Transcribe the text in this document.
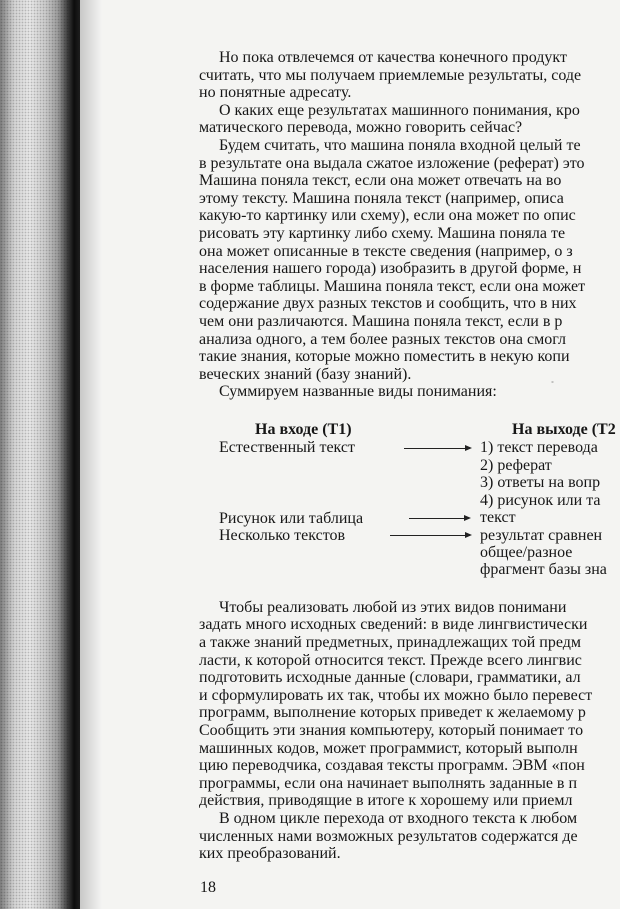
Но пока отвлечемся от качества конечного продукт
считать, что мы получаем приемлемые результаты, соде
но понятные адресату.
О каких еще результатах машинного понимания, кро
матического перевода, можно говорить сейчас?
Будем считать, что машина поняла входной целый те
в результате она выдала сжатое изложение (реферат) это
Машина поняла текст, если она может отвечать на во
этому тексту. Машина поняла текст (например, описа
какую-то картинку или схему), если она может по опис
рисовать эту картинку либо схему. Машина поняла те
она может описанные в тексте сведения (например, о з
населения нашего города) изобразить в другой форме, н
в форме таблицы. Машина поняла текст, если она может
содержание двух разных текстов и сообщить, что в них
чем они различаются. Машина поняла текст, если в р
анализа одного, а тем более разных текстов она смогл
такие знания, которые можно поместить в некую копи
веческих знаний (базу знаний).
Суммируем названные виды понимания:
На входе (Т1)	На выходе (Т2
Естественный текст	1) текст перевода
2) реферат
3) ответы на вопр
4) рисунок или та
Рисунок или таблица	текст
Несколько текстов	результат сравнен
общее/разное
фрагмент базы зна
Чтобы реализовать любой из этих видов понимани
задать много исходных сведений: в виде лингвистически
а также знаний предметных, принадлежащих той предм
ласти, к которой относится текст. Прежде всего лингвис
подготовить исходные данные (словари, грамматики, ал
и сформулировать их так, чтобы их можно было перевест
программ, выполнение которых приведет к желаемому р
Сообщить эти знания компьютеру, который понимает то
машинных кодов, может программист, который выполн
цию переводчика, создавая тексты программ. ЭВМ «пон
программы, если она начинает выполнять заданные в п
действия, приводящие в итоге к хорошему или приемл
В одном цикле перехода от входного текста к любом
численных нами возможных результатов содержатся де
ких преобразований.
˚
18
